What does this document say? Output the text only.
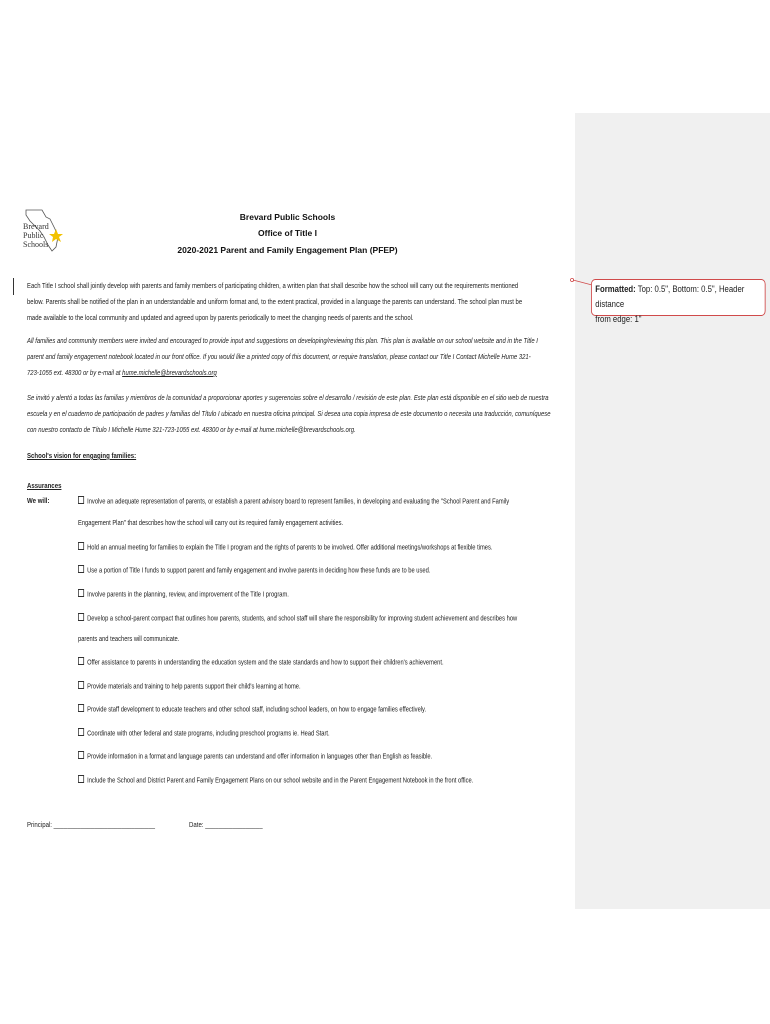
Brevard
Public
Schools
Brevard Public Schools
Office of Title I
2020-2021 Parent and Family Engagement Plan (PFEP)
Formatted: Top: 0.5", Bottom: 0.5", Header distance
from edge: 1"
Each Title I school shall jointly develop with parents and family members of participating children, a written plan that shall describe how the school will carry out the requirements mentioned
below. Parents shall be notified of the plan in an understandable and uniform format and, to the extent practical, provided in a language the parents can understand. The school plan must be
made available to the local community and updated and agreed upon by parents periodically to meet the changing needs of parents and the school.
All families and community members were invited and encouraged to provide input and suggestions on developing/reviewing this plan. This plan is available on our school website and in the Title I
parent and family engagement notebook located in our front office. If you would like a printed copy of this document, or require translation, please contact our Title I Contact Michelle Hume 321-
723-1055 ext. 48300 or by e-mail at hume.michelle@brevardschools.org
Se invitó y alentó a todas las familias y miembros de la comunidad a proporcionar aportes y sugerencias sobre el desarrollo / revisión de este plan. Este plan está disponible en el sitio web de nuestra
escuela y en el cuaderno de participación de padres y familias del Título I ubicado en nuestra oficina principal. Si desea una copia impresa de este documento o necesita una traducción, comuníquese
con nuestro contacto de Título I Michelle Hume 321-723-1055 ext. 48300 or by e-mail at hume.michelle@brevardschools.org.
School's vision for engaging families:
Assurances
We will:	Involve an adequate representation of parents, or establish a parent advisory board to represent families, in developing and evaluating the "School Parent and Family
Engagement Plan" that describes how the school will carry out its required family engagement activities.
Hold an annual meeting for families to explain the Title I program and the rights of parents to be involved. Offer additional meetings/workshops at flexible times.
Use a portion of Title I funds to support parent and family engagement and involve parents in deciding how these funds are to be used.
Involve parents in the planning, review, and improvement of the Title I program.
Develop a school-parent compact that outlines how parents, students, and school staff will share the responsibility for improving student achievement and describes how
parents and teachers will communicate.
Offer assistance to parents in understanding the education system and the state standards and how to support their children's achievement.
Provide materials and training to help parents support their child's learning at home.
Provide staff development to educate teachers and other school staff, including school leaders, on how to engage families effectively.
Coordinate with other federal and state programs, including preschool programs ie. Head Start.
Provide information in a format and language parents can understand and offer information in languages other than English as feasible.
Include the School and District Parent and Family Engagement Plans on our school website and in the Parent Engagement Notebook in the front office.
Principal: ______________________________	Date: _________________
